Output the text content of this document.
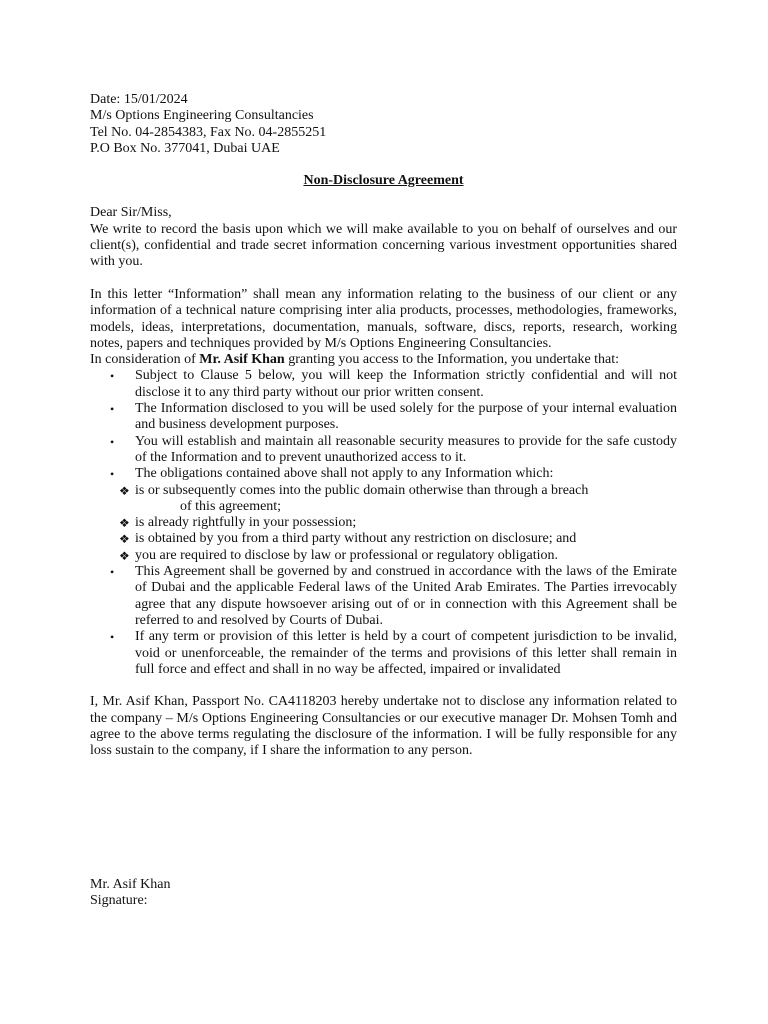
Date: 15/01/2024
M/s Options Engineering Consultancies
Tel No. 04-2854383, Fax No. 04-2855251
P.O Box No. 377041, Dubai UAE
Non-Disclosure Agreement
Dear Sir/Miss,

We write to record the basis upon which we will make available to you on behalf of ourselves and our client(s), confidential and trade secret information concerning various investment opportunities shared with you.

In this letter “Information” shall mean any information relating to the business of our client or any information of a technical nature comprising inter alia products, processes, methodologies, frameworks, models, ideas, interpretations, documentation, manuals, software, discs, reports, research, working notes, papers and techniques provided by M/s Options Engineering Consultancies.

In consideration of Mr. Asif Khan granting you access to the Information, you undertake that:

• Subject to Clause 5 below, you will keep the Information strictly confidential and will not disclose it to any third party without our prior written consent.
• The Information disclosed to you will be used solely for the purpose of your internal evaluation and business development purposes.
• You will establish and maintain all reasonable security measures to provide for the safe custody of the Information and to prevent unauthorized access to it.
• The obligations contained above shall not apply to any Information which:
❖ is or subsequently comes into the public domain otherwise than through a breach
of this agreement;
❖ is already rightfully in your possession;
❖ is obtained by you from a third party without any restriction on disclosure; and
❖ you are required to disclose by law or professional or regulatory obligation.
• This Agreement shall be governed by and construed in accordance with the laws of the Emirate of Dubai and the applicable Federal laws of the United Arab Emirates. The Parties irrevocably agree that any dispute howsoever arising out of or in connection with this Agreement shall be referred to and resolved by Courts of Dubai.
• If any term or provision of this letter is held by a court of competent jurisdiction to be invalid, void or unenforceable, the remainder of the terms and provisions of this letter shall remain in full force and effect and shall in no way be affected, impaired or invalidated

I, Mr. Asif Khan, Passport No. CA4118203 hereby undertake not to disclose any information related to the company – M/s Options Engineering Consultancies or our executive manager Dr. Mohsen Tomh and agree to the above terms regulating the disclosure of the information. I will be fully responsible for any loss sustain to the company, if I share the information to any person.

Mr. Asif Khan
Signature:
